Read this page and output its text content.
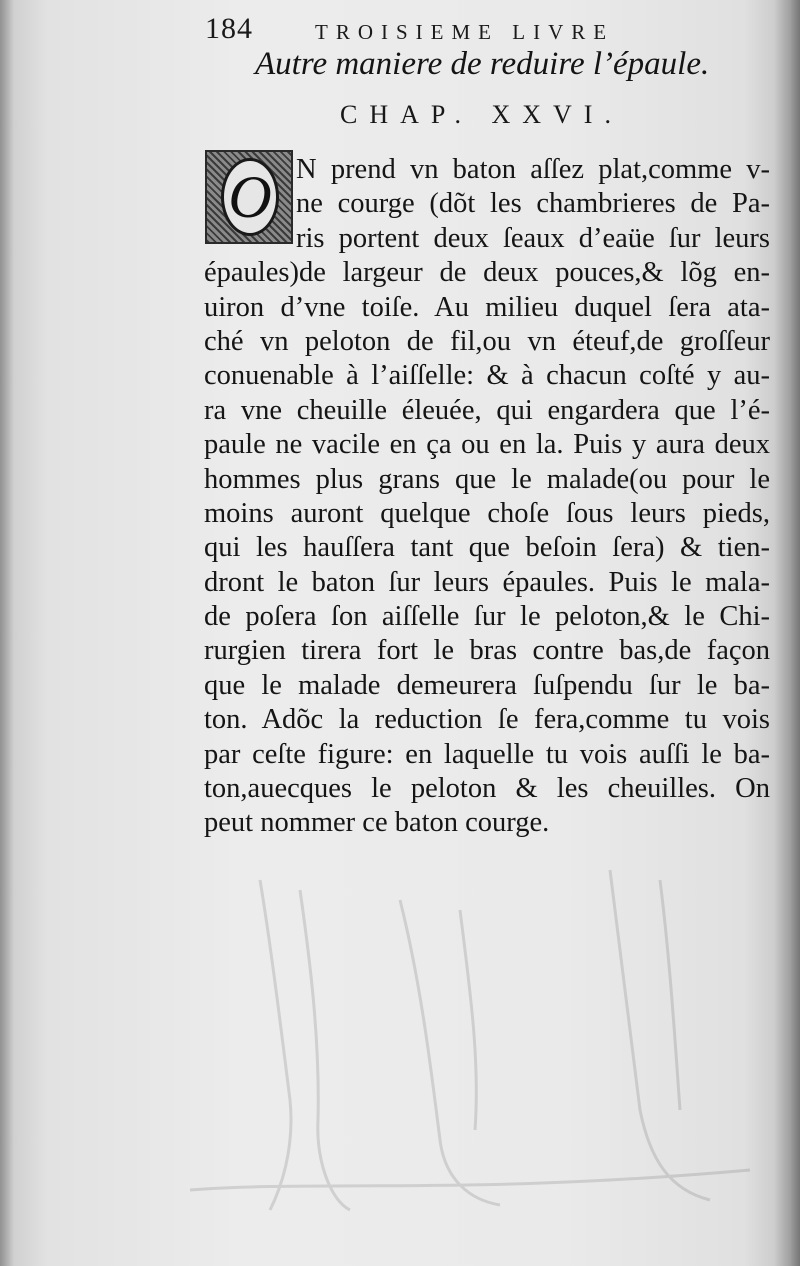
184	TROISIEME LIVRE
Autre maniere de reduire l’épaule.
CHAP. XXVI.
O N prend vn baton aſſez plat,comme v-
ne courge (dõt les chambrieres de Pa-
ris portent deux ſeaux d’eaüe ſur leurs
épaules)de largeur de deux pouces,& lõg en-
uiron d’vne toiſe. Au milieu duquel ſera ata-
ché vn peloton de fil,ou vn éteuf,de groſſeur
conuenable à l’aiſſelle: & à chacun coſté y au-
ra vne cheuille éleuée, qui engardera que l’é-
paule ne vacile en ça ou en la. Puis y aura deux
hommes plus grans que le malade(ou pour le
moins auront quelque choſe ſous leurs pieds,
qui les hauſſera tant que beſoin ſera) & tien-
dront le baton ſur leurs épaules. Puis le mala-
de poſera ſon aiſſelle ſur le peloton,& le Chi-
rurgien tirera fort le bras contre bas,de façon
que le malade demeurera ſuſpendu ſur le ba-
ton. Adõc la reduction ſe fera,comme tu vois
par ceſte figure: en laquelle tu vois auſſi le ba-
ton,auecques le peloton & les cheuilles. On
peut nommer ce baton courge.
